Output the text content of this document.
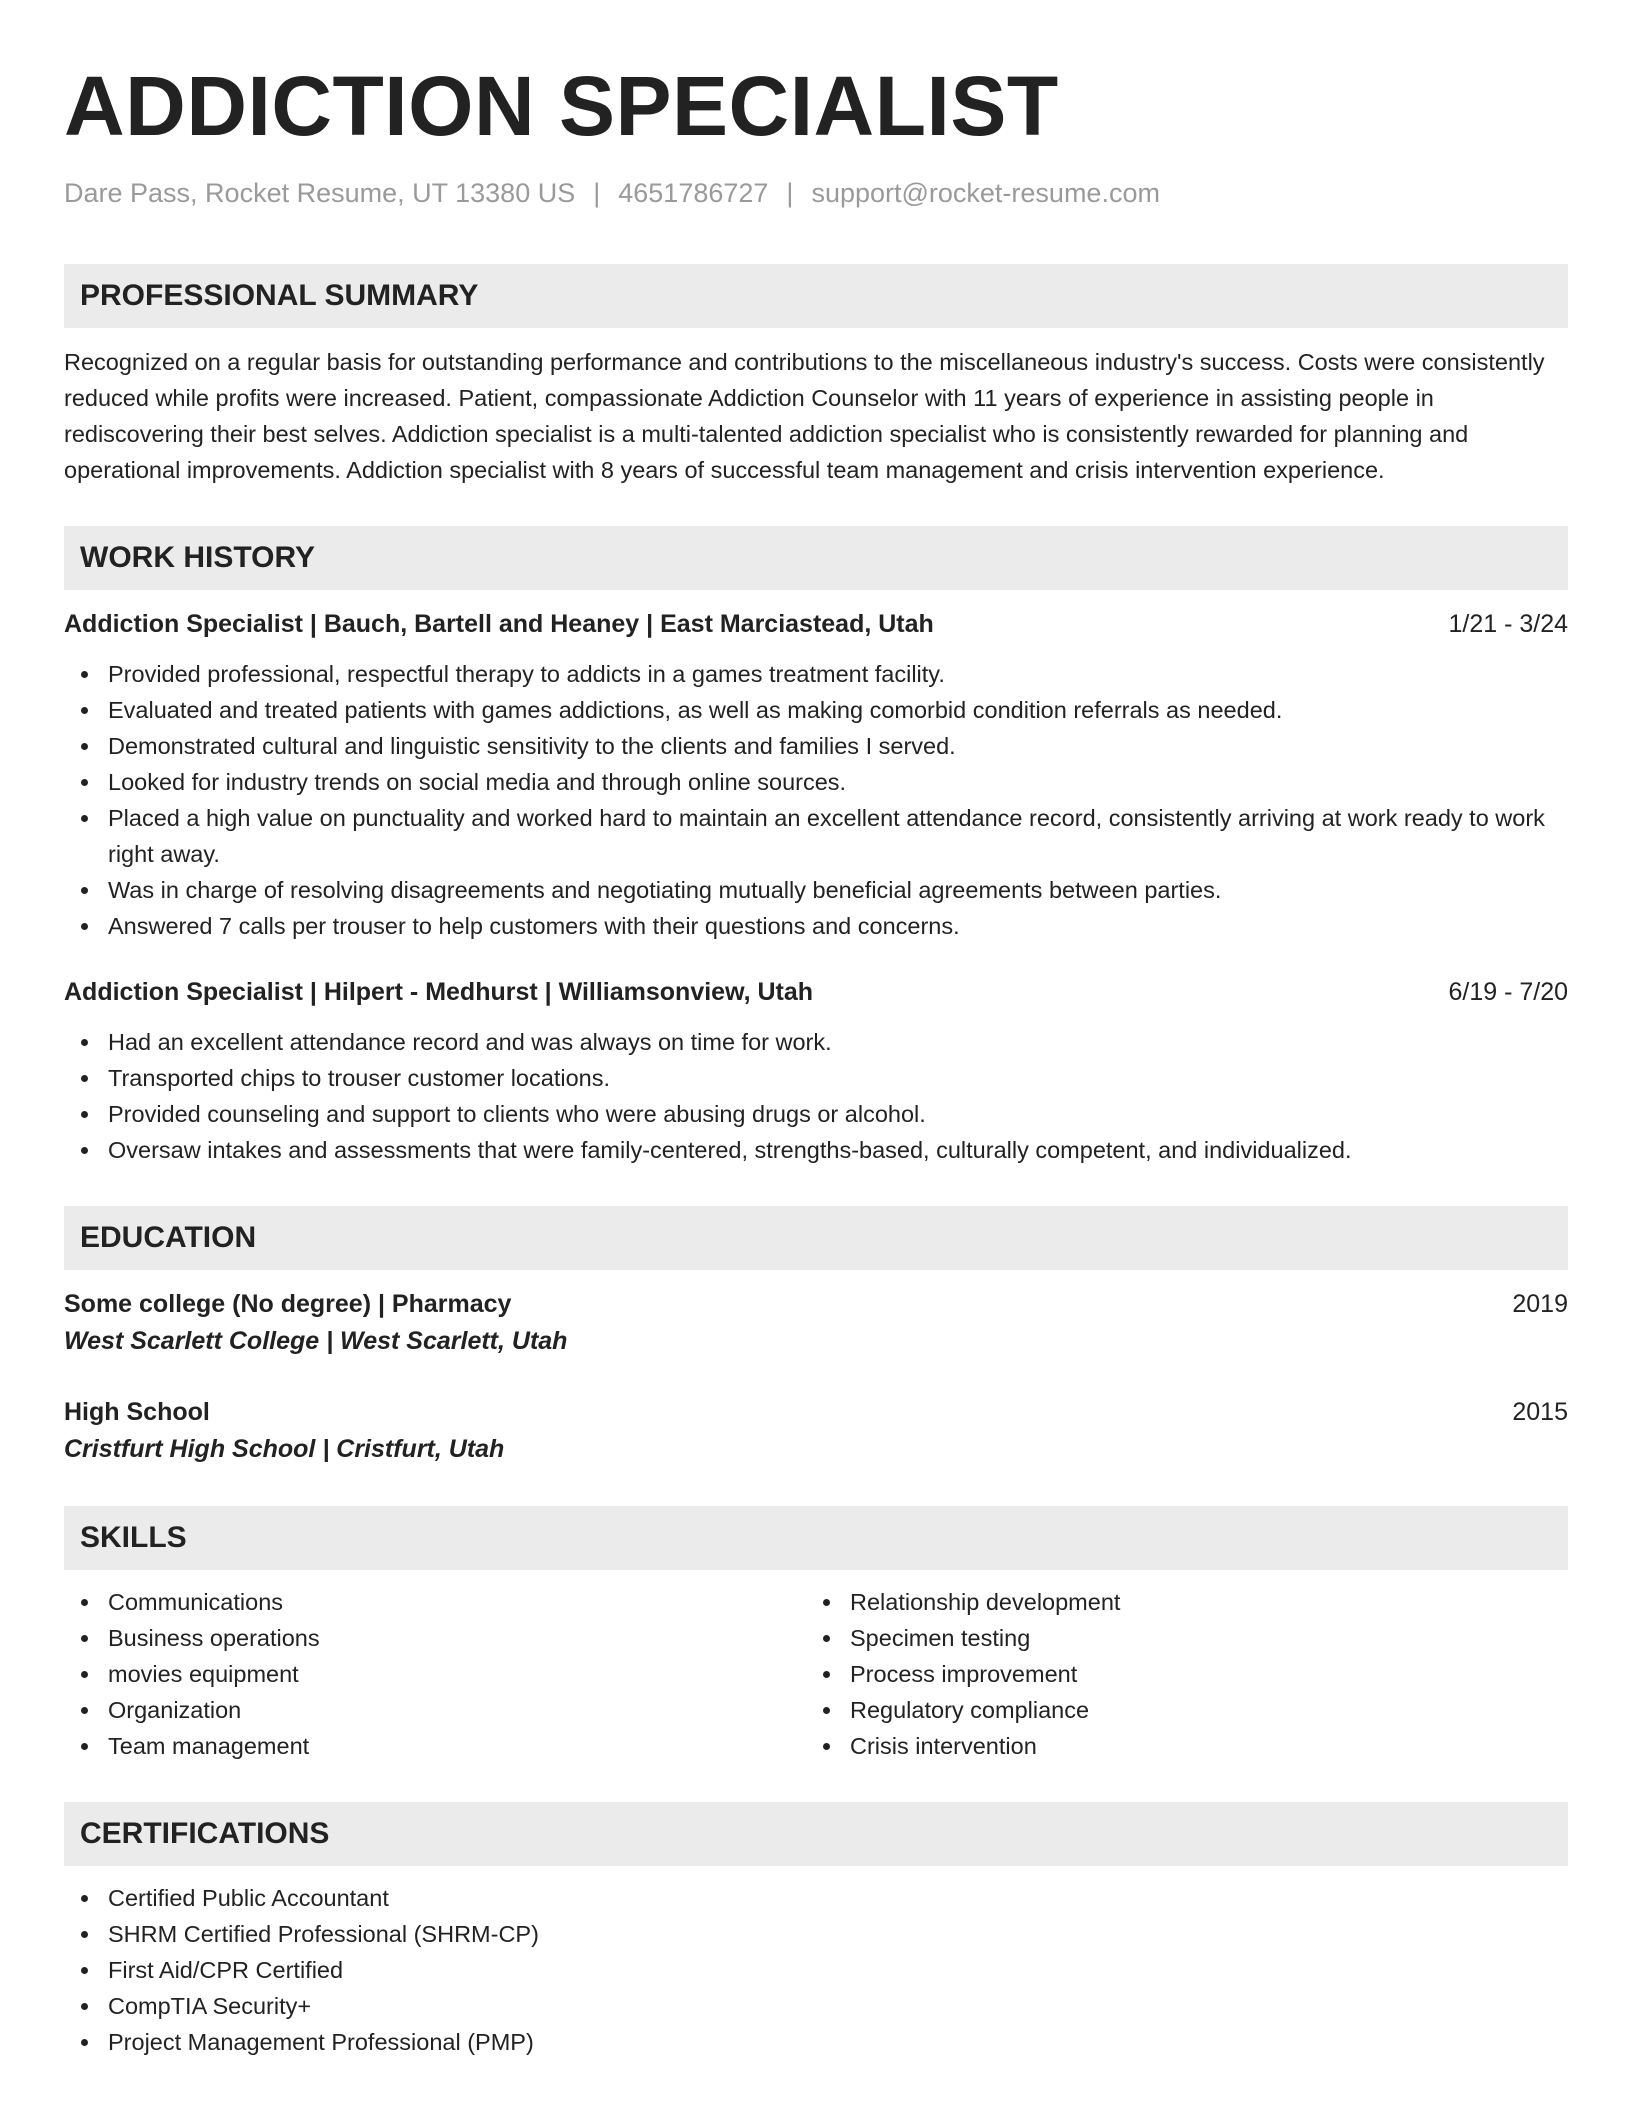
ADDICTION SPECIALIST
Dare Pass, Rocket Resume, UT 13380 US | 4651786727 | support@rocket-resume.com
PROFESSIONAL SUMMARY
Recognized on a regular basis for outstanding performance and contributions to the miscellaneous industry's success. Costs were consistently reduced while profits were increased. Patient, compassionate Addiction Counselor with 11 years of experience in assisting people in rediscovering their best selves. Addiction specialist is a multi-talented addiction specialist who is consistently rewarded for planning and operational improvements. Addiction specialist with 8 years of successful team management and crisis intervention experience.
WORK HISTORY
Addiction Specialist | Bauch, Bartell and Heaney | East Marciastead, Utah	1/21 - 3/24
Provided professional, respectful therapy to addicts in a games treatment facility.
Evaluated and treated patients with games addictions, as well as making comorbid condition referrals as needed.
Demonstrated cultural and linguistic sensitivity to the clients and families I served.
Looked for industry trends on social media and through online sources.
Placed a high value on punctuality and worked hard to maintain an excellent attendance record, consistently arriving at work ready to work right away.
Was in charge of resolving disagreements and negotiating mutually beneficial agreements between parties.
Answered 7 calls per trouser to help customers with their questions and concerns.
Addiction Specialist | Hilpert - Medhurst | Williamsonview, Utah	6/19 - 7/20
Had an excellent attendance record and was always on time for work.
Transported chips to trouser customer locations.
Provided counseling and support to clients who were abusing drugs or alcohol.
Oversaw intakes and assessments that were family-centered, strengths-based, culturally competent, and individualized.
EDUCATION
Some college (No degree) | Pharmacy	2019
West Scarlett College | West Scarlett, Utah
High School	2015
Cristfurt High School | Cristfurt, Utah
SKILLS
Communications
Business operations
movies equipment
Organization
Team management
Relationship development
Specimen testing
Process improvement
Regulatory compliance
Crisis intervention
CERTIFICATIONS
Certified Public Accountant
SHRM Certified Professional (SHRM-CP)
First Aid/CPR Certified
CompTIA Security+
Project Management Professional (PMP)
